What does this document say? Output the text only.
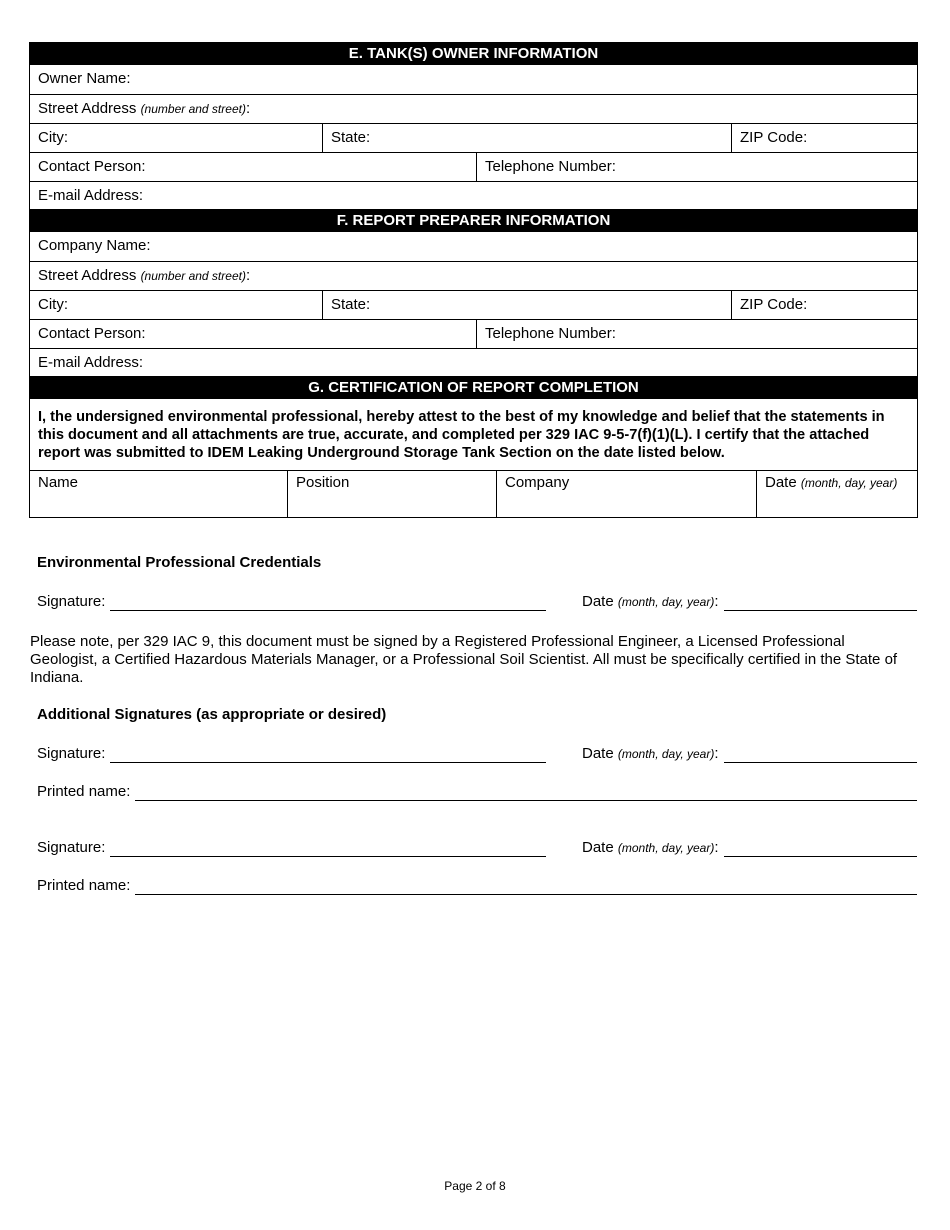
E. TANK(S) OWNER INFORMATION
Owner Name:
Street Address (number and street):
City:	State:	ZIP Code:
Contact Person:	Telephone Number:
E-mail Address:
F. REPORT PREPARER INFORMATION
Company Name:
Street Address (number and street):
City:	State:	ZIP Code:
Contact Person:	Telephone Number:
E-mail Address:
G. CERTIFICATION OF REPORT COMPLETION
I, the undersigned environmental professional, hereby attest to the best of my knowledge and belief that the statements in this document and all attachments are true, accurate, and completed per 329 IAC 9-5-7(f)(1)(L). I certify that the attached report was submitted to IDEM Leaking Underground Storage Tank Section on the date listed below.
Name	Position	Company	Date (month, day, year)
Environmental Professional Credentials
Signature:	Date (month, day, year):
Please note, per 329 IAC 9, this document must be signed by a Registered Professional Engineer, a Licensed Professional Geologist, a Certified Hazardous Materials Manager, or a Professional Soil Scientist. All must be specifically certified in the State of Indiana.
Additional Signatures (as appropriate or desired)
Signature:	Date (month, day, year):
Printed name:
Signature:	Date (month, day, year):
Printed name:
Page 2 of 8
